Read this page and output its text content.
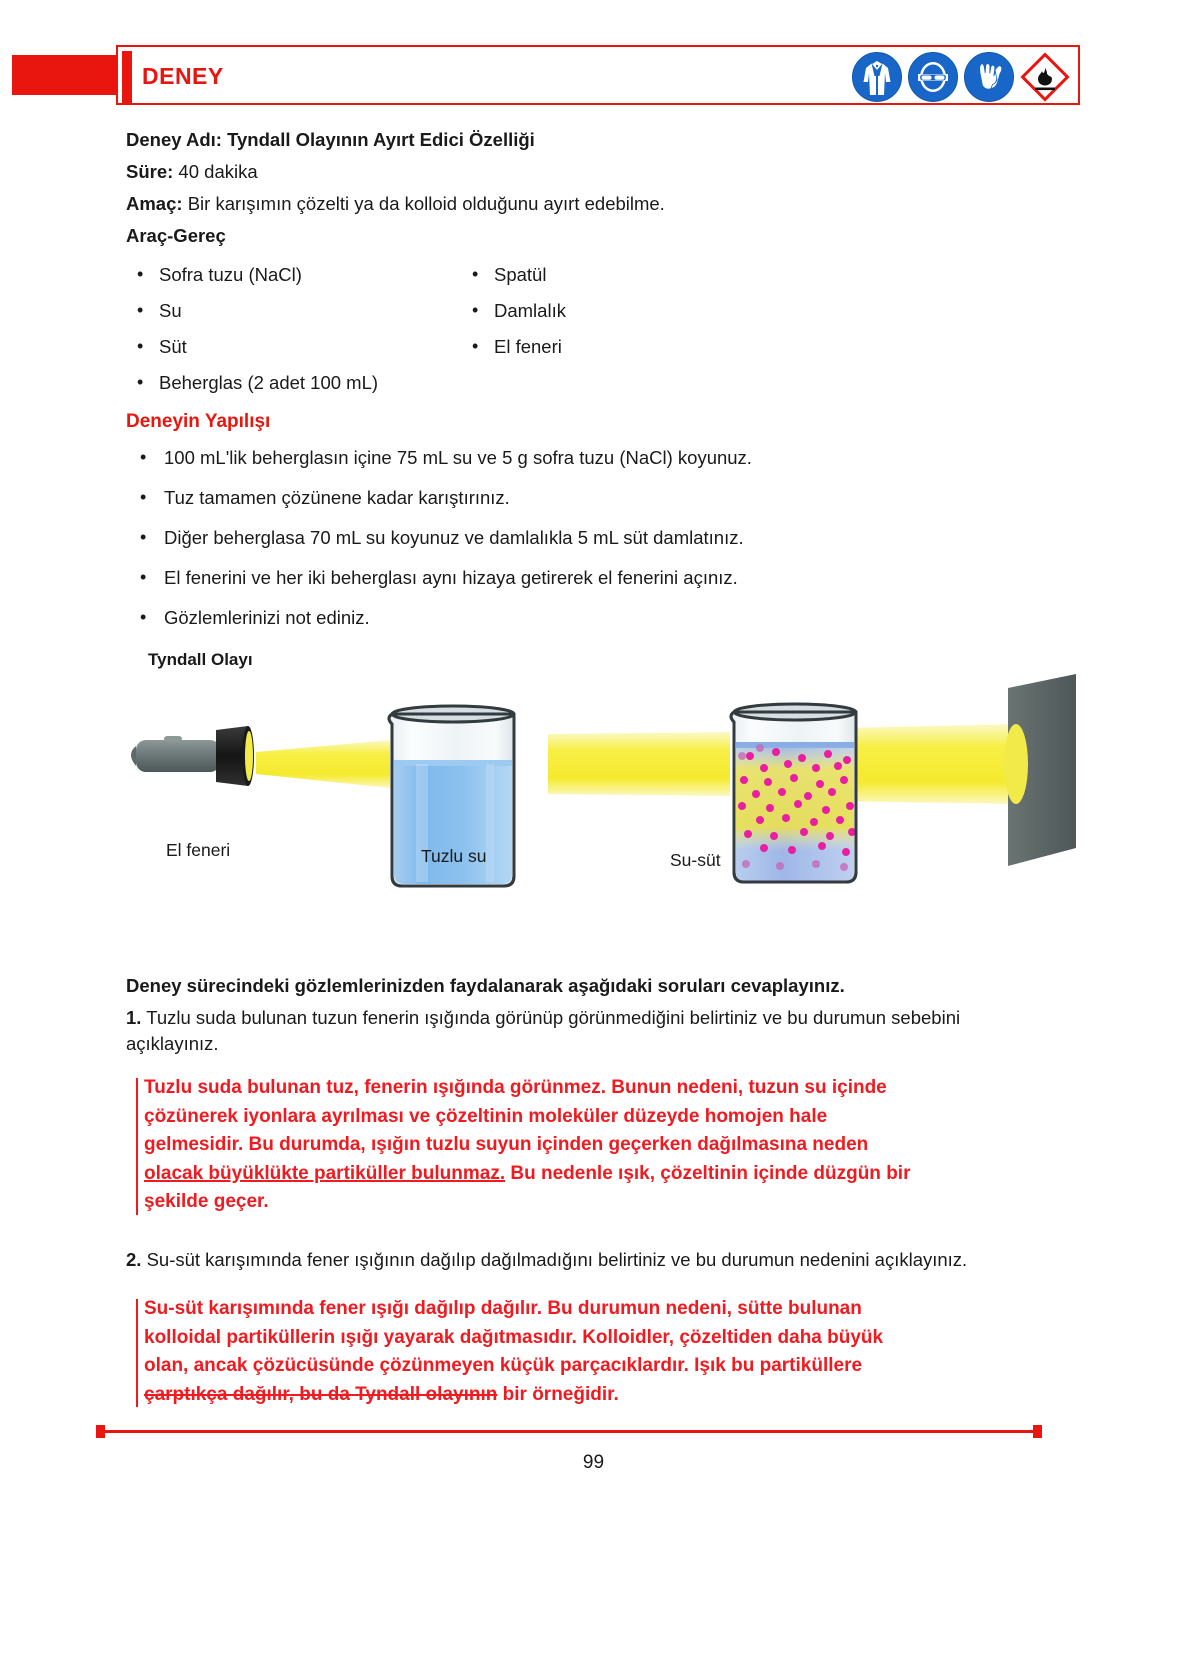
DENEY
Deney Adı: Tyndall Olayının Ayırt Edici Özelliği
Süre: 40 dakika
Amaç: Bir karışımın çözelti ya da kolloid olduğunu ayırt edebilme.
Araç-Gereç
• Sofra tuzu (NaCl)
• Su
• Süt
• Beherglas (2 adet 100 mL)
• Spatül
• Damlalık
• El feneri
Deneyin Yapılışı
• 100 mL'lik beherglasın içine 75 mL su ve 5 g sofra tuzu (NaCl) koyunuz.
• Tuz tamamen çözünene kadar karıştırınız.
• Diğer beherglasa 70 mL su koyunuz ve damlalıkla 5 mL süt damlatınız.
• El fenerini ve her iki beherglası aynı hizaya getirerek el fenerini açınız.
• Gözlemlerinizi not ediniz.
Tyndall Olayı
El feneri	Tuzlu su	Su-süt
Deney sürecindeki gözlemlerinizden faydalanarak aşağıdaki soruları cevaplayınız.
1. Tuzlu suda bulunan tuzun fenerin ışığında görünüp görünmediğini belirtiniz ve bu durumun sebebini açıklayınız.
Tuzlu suda bulunan tuz, fenerin ışığında görünmez. Bunun nedeni, tuzun su içinde
çözünerek iyonlara ayrılması ve çözeltinin moleküler düzeyde homojen hale
gelmesidir. Bu durumda, ışığın tuzlu suyun içinden geçerken dağılmasına neden
olacak büyüklükte partiküller bulunmaz. Bu nedenle ışık, çözeltinin içinde düzgün bir
şekilde geçer.
2. Su-süt karışımında fener ışığının dağılıp dağılmadığını belirtiniz ve bu durumun nedenini açıklayınız.
Su-süt karışımında fener ışığı dağılıp dağılır. Bu durumun nedeni, sütte bulunan
kolloidal partiküllerin ışığı yayarak dağıtmasıdır. Kolloidler, çözeltiden daha büyük
olan, ancak çözücüsünde çözünmeyen küçük parçacıklardır. Işık bu partiküllere
çarptıkça dağılır, bu da Tyndall olayının bir örneğidir.
99
